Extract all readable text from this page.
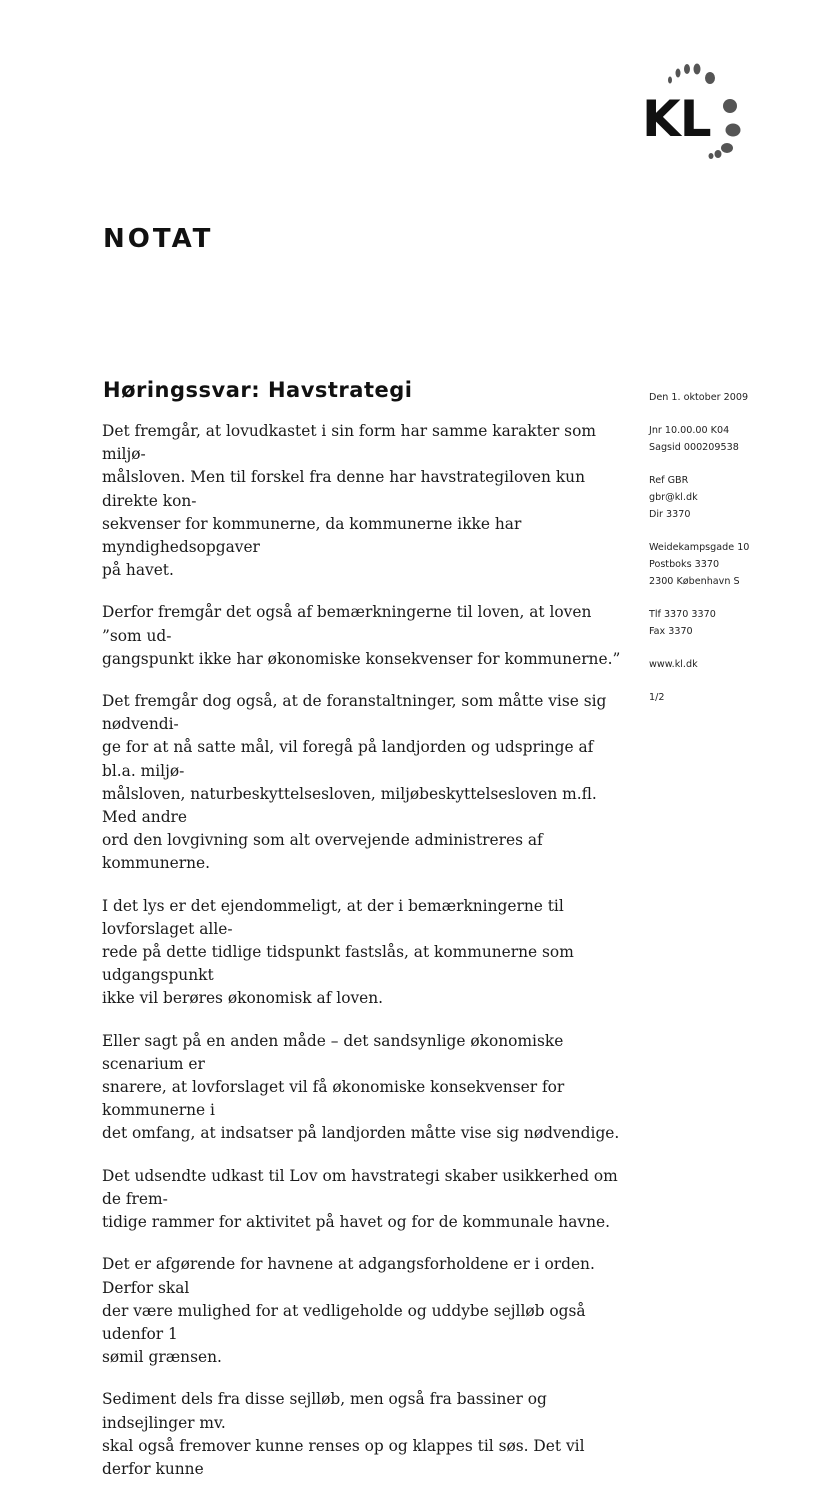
KL
NOTAT
Høringssvar: Havstrategi

Det fremgår, at lovudkastet i sin form har samme karakter som miljø-
målsloven. Men til forskel fra denne har havstrategiloven kun direkte kon-
sekvenser for kommunerne, da kommunerne ikke har myndighedsopgaver
på havet.

Derfor fremgår det også af bemærkningerne til loven, at loven ”som ud-
gangspunkt ikke har økonomiske konsekvenser for kommunerne.”

Det fremgår dog også, at de foranstaltninger, som måtte vise sig nødvendi-
ge for at nå satte mål, vil foregå på landjorden og udspringe af bl.a. miljø-
målsloven, naturbeskyttelsesloven, miljøbeskyttelsesloven m.fl. Med andre
ord den lovgivning som alt overvejende administreres af kommunerne.

I det lys er det ejendommeligt, at der i bemærkningerne til lovforslaget alle-
rede på dette tidlige tidspunkt fastslås, at kommunerne som udgangspunkt
ikke vil berøres økonomisk af loven.

Eller sagt på en anden måde – det sandsynlige økonomiske scenarium er
snarere, at lovforslaget vil få økonomiske konsekvenser for kommunerne i
det omfang, at indsatser på landjorden måtte vise sig nødvendige.

Det udsendte udkast til Lov om havstrategi skaber usikkerhed om de frem-
tidige rammer for aktivitet på havet og for de kommunale havne.

Det er afgørende for havnene at adgangsforholdene er i orden. Derfor skal
der være mulighed for at vedligeholde og uddybe sejlløb også udenfor 1
sømil grænsen.

Sediment dels fra disse sejlløb, men også fra bassiner og indsejlinger mv.
skal også fremover kunne renses op og klappes til søs. Det vil derfor kunne

Den 1. oktober 2009
Jnr 10.00.00 K04
Sagsid 000209538
Ref GBR
gbr@kl.dk
Dir 3370
Weidekampsgade 10
Postboks 3370
2300 København S
Tlf 3370 3370
Fax 3370
www.kl.dk
1/2
